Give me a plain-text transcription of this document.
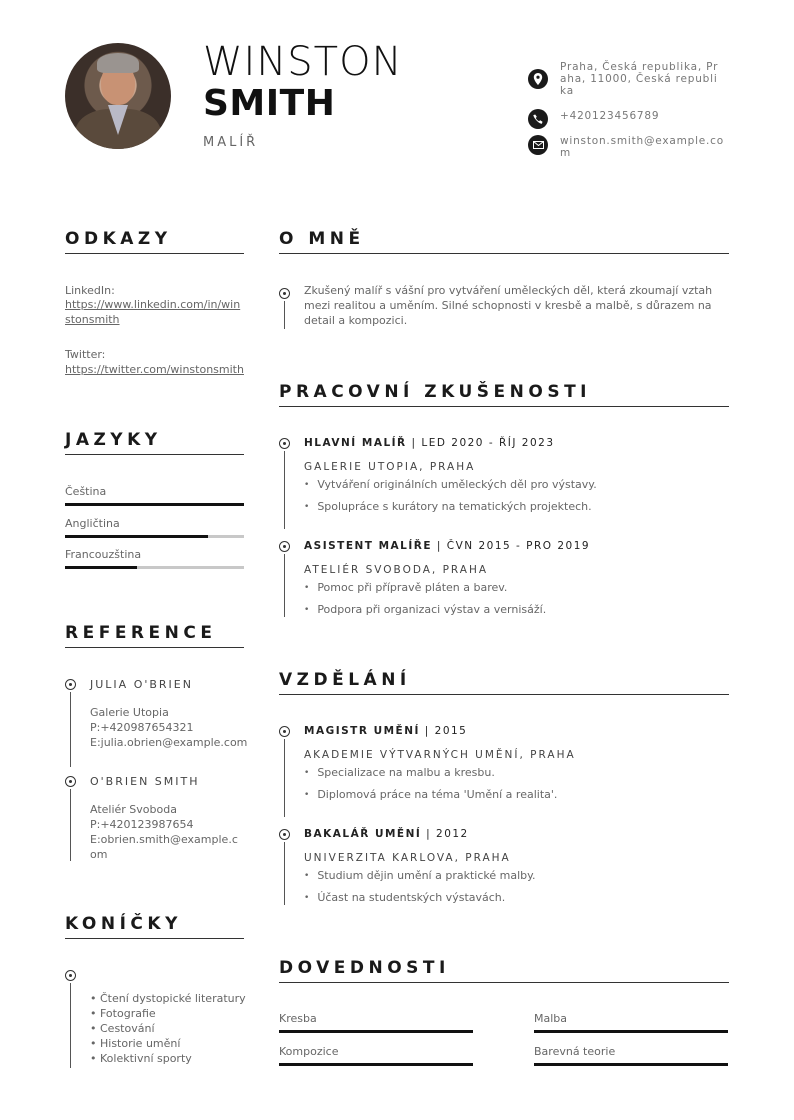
WINSTON
SMITH
MALÍŘ
Praha, Česká republika, Praha, 11000, Česká republika
+420123456789
winston.smith@example.com
ODKAZY
LinkedIn:
https://www.linkedin.com/in/winstonsmith
Twitter:
https://twitter.com/winstonsmith
JAZYKY
Čeština
Angličtina
Francouzština
REFERENCE
JULIA O'BRIEN
Galerie Utopia
P:+420987654321
E:julia.obrien@example.com
O'BRIEN SMITH
Ateliér Svoboda
P:+420123987654
E:obrien.smith@example.com
KONÍČKY
• Čtení dystopické literatury
• Fotografie
• Cestování
• Historie umění
• Kolektivní sporty
O MNĚ
Zkušený malíř s vášní pro vytváření uměleckých děl, která zkoumají vztah mezi realitou a uměním. Silné schopnosti v kresbě a malbě, s důrazem na detail a kompozici.
PRACOVNÍ ZKUŠENOSTI
HLAVNÍ MALÍŘ | LED 2020 - ŘÍJ 2023
GALERIE UTOPIA, PRAHA
• Vytváření originálních uměleckých děl pro výstavy.
• Spolupráce s kurátory na tematických projektech.
ASISTENT MALÍŘE | ČVN 2015 - PRO 2019
ATELIÉR SVOBODA, PRAHA
• Pomoc při přípravě pláten a barev.
• Podpora při organizaci výstav a vernisáží.
VZDĚLÁNÍ
MAGISTR UMĚNÍ | 2015
AKADEMIE VÝTVARNÝCH UMĚNÍ, PRAHA
• Specializace na malbu a kresbu.
• Diplomová práce na téma 'Umění a realita'.
BAKALÁŘ UMĚNÍ | 2012
UNIVERZITA KARLOVA, PRAHA
• Studium dějin umění a praktické malby.
• Účast na studentských výstavách.
DOVEDNOSTI
Kresba	Malba
Kompozice	Barevná teorie
